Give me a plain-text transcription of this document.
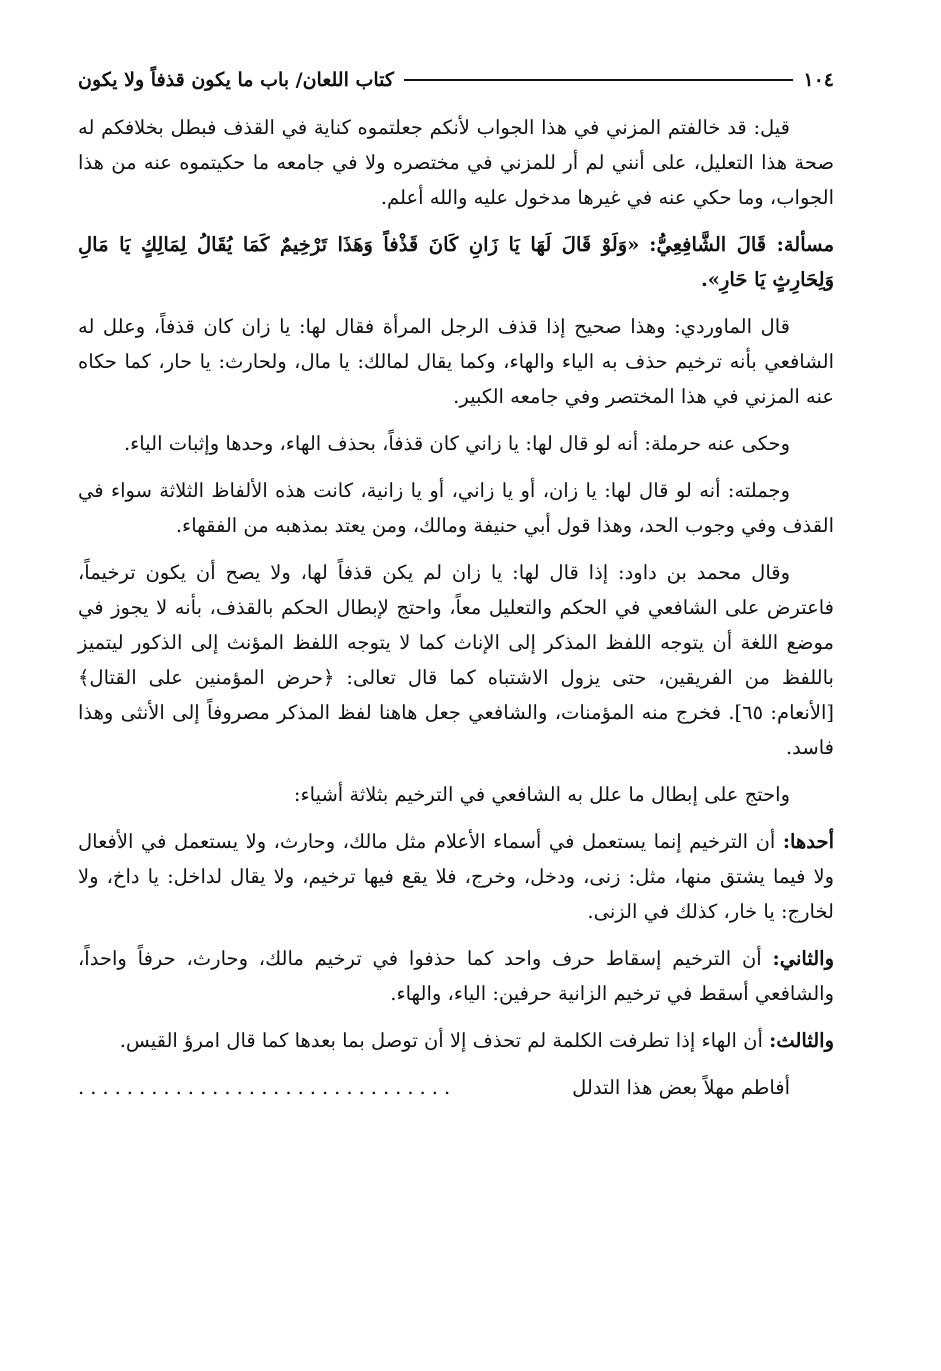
١٠٤
كتاب اللعان/ باب ما يكون قذفاً ولا يكون

قيل: قد خالفتم المزني في هذا الجواب لأنكم جعلتموه كناية في القذف فبطل بخلافكم له صحة هذا التعليل، على أنني لم أر للمزني في مختصره ولا في جامعه ما حكيتموه عنه من هذا الجواب، وما حكي عنه في غيرها مدخول عليه والله أعلم.

مسألة: قَالَ الشَّافِعِيُّ: «وَلَوْ قَالَ لَهَا يَا زَانِ كَانَ قَذْفاً وَهَذَا تَرْخِيمٌ كَمَا يُقَالُ لِمَالِكٍ يَا مَالِ وَلِحَارِثٍ يَا حَارِ».

قال الماوردي: وهذا صحيح إذا قذف الرجل المرأة فقال لها: يا زان كان قذفاً، وعلل له الشافعي بأنه ترخيم حذف به الياء والهاء، وكما يقال لمالك: يا مال، ولحارث: يا حار، كما حكاه عنه المزني في هذا المختصر وفي جامعه الكبير.

وحكى عنه حرملة: أنه لو قال لها: يا زاني كان قذفاً، بحذف الهاء، وحدها وإثبات الياء.

وجملته: أنه لو قال لها: يا زان، أو يا زاني، أو يا زانية، كانت هذه الألفاظ الثلاثة سواء في القذف وفي وجوب الحد، وهذا قول أبي حنيفة ومالك، ومن يعتد بمذهبه من الفقهاء.

وقال محمد بن داود: إذا قال لها: يا زان لم يكن قذفاً لها، ولا يصح أن يكون ترخيماً، فاعترض على الشافعي في الحكم والتعليل معاً، واحتج لإبطال الحكم بالقذف، بأنه لا يجوز في موضع اللغة أن يتوجه اللفظ المذكر إلى الإناث كما لا يتوجه اللفظ المؤنث إلى الذكور ليتميز باللفظ من الفريقين، حتى يزول الاشتباه كما قال تعالى: ﴿حرض المؤمنين على القتال﴾ [الأنعام: ٦٥]. فخرج منه المؤمنات، والشافعي جعل هاهنا لفظ المذكر مصروفاً إلى الأنثى وهذا فاسد.

واحتج على إبطال ما علل به الشافعي في الترخيم بثلاثة أشياء:

أحدها: أن الترخيم إنما يستعمل في أسماء الأعلام مثل مالك، وحارث، ولا يستعمل في الأفعال ولا فيما يشتق منها، مثل: زنى، ودخل، وخرج، فلا يقع فيها ترخيم، ولا يقال لداخل: يا داخ، ولا لخارج: يا خار، كذلك في الزنى.

والثاني: أن الترخيم إسقاط حرف واحد كما حذفوا في ترخيم مالك، وحارث، حرفاً واحداً، والشافعي أسقط في ترخيم الزانية حرفين: الياء، والهاء.

والثالث: أن الهاء إذا تطرفت الكلمة لم تحذف إلا أن توصل بما بعدها كما قال امرؤ القيس.

أفاطم مهلاً بعض هذا التدلل
...............................
